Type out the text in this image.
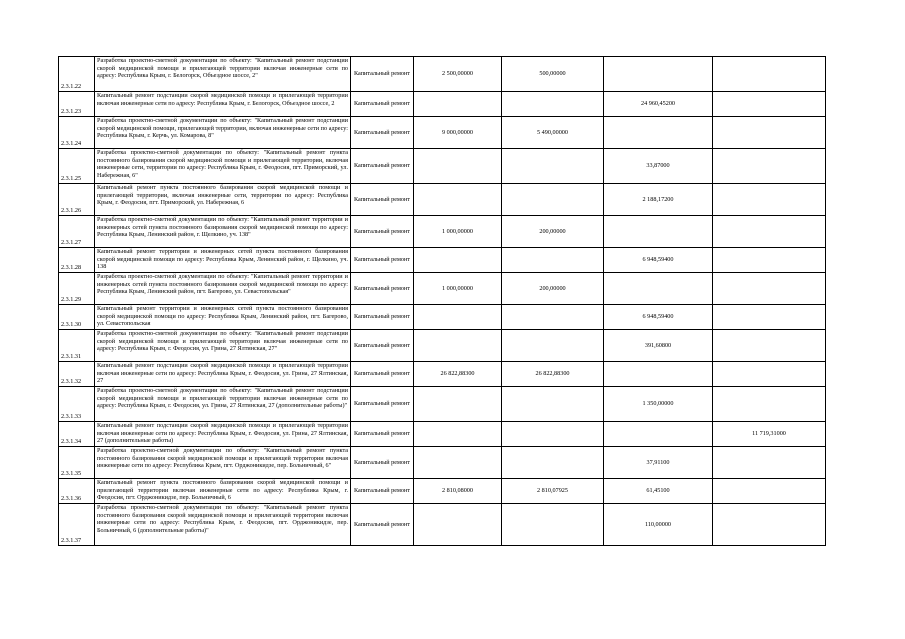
2.3.1.22	Разработка проектно-сметной документации по объекту: "Капитальный ремонт подстанции скорой медицинской помощи и прилегающей территории включая инженерные сети по адресу: Республика Крым, г. Белогорск, Объездное шоссе, 2"	Капитальный ремонт	2 500,00000	500,00000		
2.3.1.23	Капитальный ремонт подстанции скорой медицинской помощи и прилегающей территории включая инженерные сети по адресу: Республика Крым, г. Белогорск, Объездное шоссе, 2	Капитальный ремонт			24 960,45200	
2.3.1.24	Разработка проектно-сметной документации по объекту: "Капитальный ремонт подстанции скорой медицинской помощи, прилегающей территории, включая инженерные сети по адресу: Республика Крым, г. Керчь, ул. Комарова, 8"	Капитальный ремонт	9 000,00000	5 490,00000		
2.3.1.25	Разработка проектно-сметной документации по объекту: "Капитальный ремонт пункта постоянного базирования скорой медицинской помощи и прилегающей территории, включая инженерные сети, территории по адресу: Республика Крым, г. Феодосия, пгт. Приморский, ул. Набережная, 6"	Капитальный ремонт			33,87000	
2.3.1.26	Капитальный ремонт пункта постоянного базирования скорой медицинской помощи и прилегающей территории, включая инженерные сети, территории по адресу: Республика Крым, г. Феодосия, пгт. Приморский, ул. Набережная, 6	Капитальный ремонт			2 188,17200	
2.3.1.27	Разработка проектно-сметной документации по объекту: "Капитальный ремонт территории и инженерных сетей пункта постоянного базирования скорой медицинской помощи по адресу: Республика Крым, Ленинский район, г. Щелкино, уч. 138"	Капитальный ремонт	1 000,00000	200,00000		
2.3.1.28	Капитальный ремонт территории и инженерных сетей пункта постоянного базирования скорой медицинской помощи по адресу: Республика Крым, Ленинский район, г. Щелкино, уч. 138	Капитальный ремонт			6 948,59400	
2.3.1.29	Разработка проектно-сметной документации по объекту: "Капитальный ремонт территории и инженерных сетей пункта постоянного базирования скорой медицинской помощи по адресу: Республика Крым, Ленинский район, пгт. Багерово, ул. Севастопольская"	Капитальный ремонт	1 000,00000	200,00000		
2.3.1.30	Капитальный ремонт территории и инженерных сетей пункта постоянного базирования скорой медицинской помощи по адресу: Республика Крым, Ленинский район, пгт. Багерово, ул. Севастопольская	Капитальный ремонт			6 948,59400	
2.3.1.31	Разработка проектно-сметной документации по объекту: "Капитальный ремонт подстанции скорой медицинской помощи и прилегающей территории включая инженерные сети по адресу: Республика Крым, г. Феодосия, ул. Грина, 27 Ялтинская, 27"	Капитальный ремонт			391,60800	
2.3.1.32	Капитальный ремонт подстанции скорой медицинской помощи и прилегающей территории включая инженерные сети по адресу: Республика Крым, г. Феодосия, ул. Грина, 27 Ялтинская, 27	Капитальный ремонт	26 822,88300	26 822,88300		
2.3.1.33	Разработка проектно-сметной документации по объекту: "Капитальный ремонт подстанции скорой медицинской помощи и прилегающей территории включая инженерные сети по адресу: Республика Крым, г. Феодосия, ул. Грина, 27 Ялтинская, 27 (дополнительные работы)"	Капитальный ремонт			1 350,00000	
2.3.1.34	Капитальный ремонт подстанции скорой медицинской помощи и прилегающей территории включая инженерные сети по адресу: Республика Крым, г. Феодосия, ул. Грина, 27 Ялтинская, 27 (дополнительные работы)	Капитальный ремонт				11 719,31000
2.3.1.35	Разработка проектно-сметной документации по объекту: "Капитальный ремонт пункта постоянного базирования скорой медицинской помощи и прилегающей территории включая инженерные сети по адресу: Республика Крым, пгт. Орджоникидзе, пер. Больничный, 6"	Капитальный ремонт			37,91100	
2.3.1.36	Капитальный ремонт пункта постоянного базирования скорой медицинской помощи и прилегающей территории включая инженерные сети по адресу: Республика Крым, г. Феодосия, пгт. Орджоникидзе, пер. Больничный, 6	Капитальный ремонт	2 810,08000	2 810,07925	61,45100	
2.3.1.37	Разработка проектно-сметной документации по объекту: "Капитальный ремонт пункта постоянного базирования скорой медицинской помощи и прилегающей территории включая инженерные сети по адресу: Республика Крым, г. Феодосия, пгт. Орджоникидзе, пер. Больничный, 6 (дополнительные работы)"	Капитальный ремонт			110,00000	
